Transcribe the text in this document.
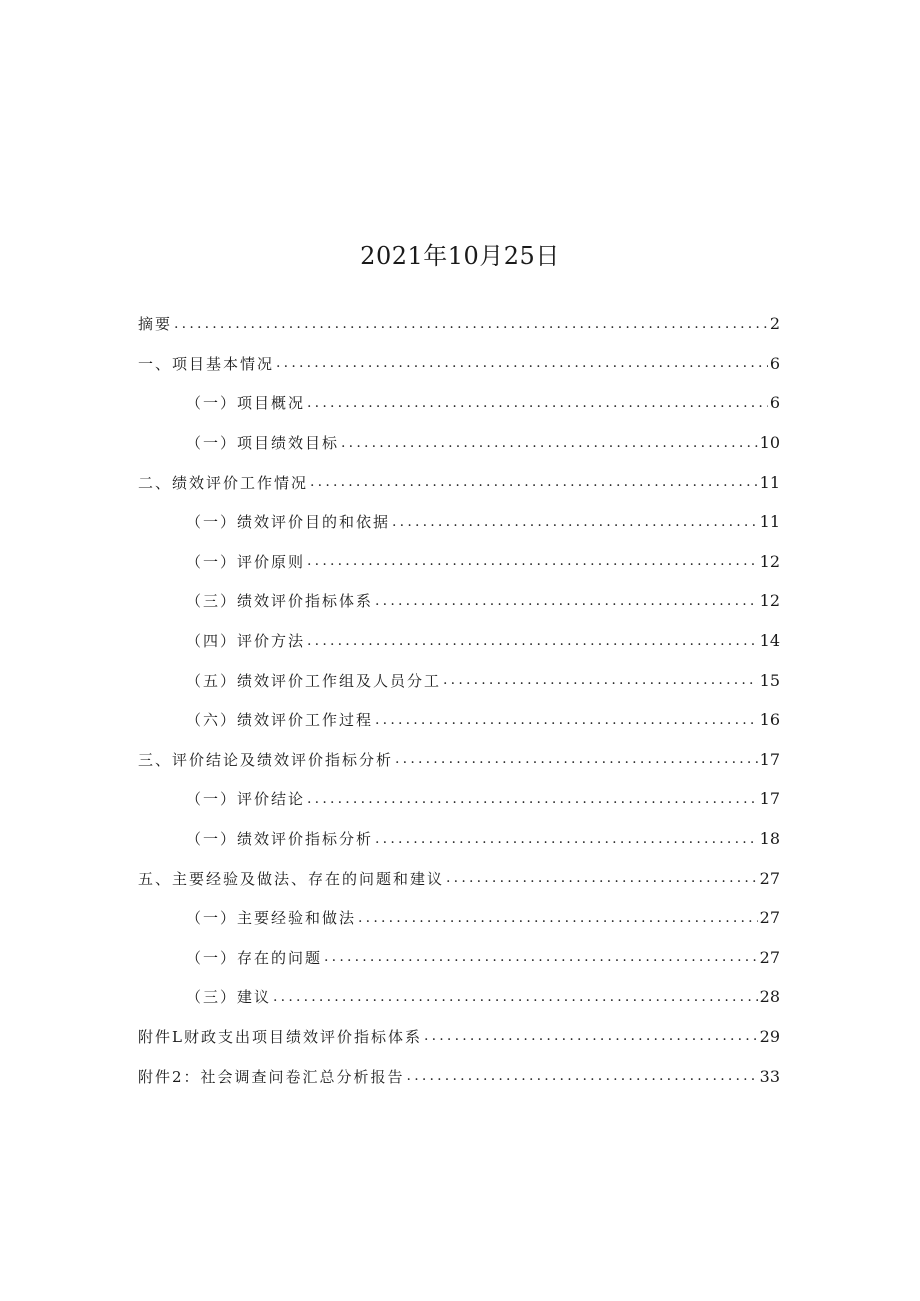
2021年10月25日
摘要 .....	2
一、项目基本情况 .....	6
（一）项目概况 .....	6
（一）项目绩效目标 .....	10
二、绩效评价工作情况 .....	11
（一）绩效评价目的和依据 .....	11
（一）评价原则 .....	12
（三）绩效评价指标体系 .....	12
（四）评价方法 .....	14
（五）绩效评价工作组及人员分工 .....	15
（六）绩效评价工作过程 .....	16
三、评价结论及绩效评价指标分析 .....	17
（一）评价结论 .....	17
（一）绩效评价指标分析 .....	18
五、主要经验及做法、存在的问题和建议 .....	27
（一）主要经验和做法 .....	27
（一）存在的问题 .....	27
（三）建议 .....	28
附件L财政支出项目绩效评价指标体系 .....	29
附件2：社会调查问卷汇总分析报告 .....	33
